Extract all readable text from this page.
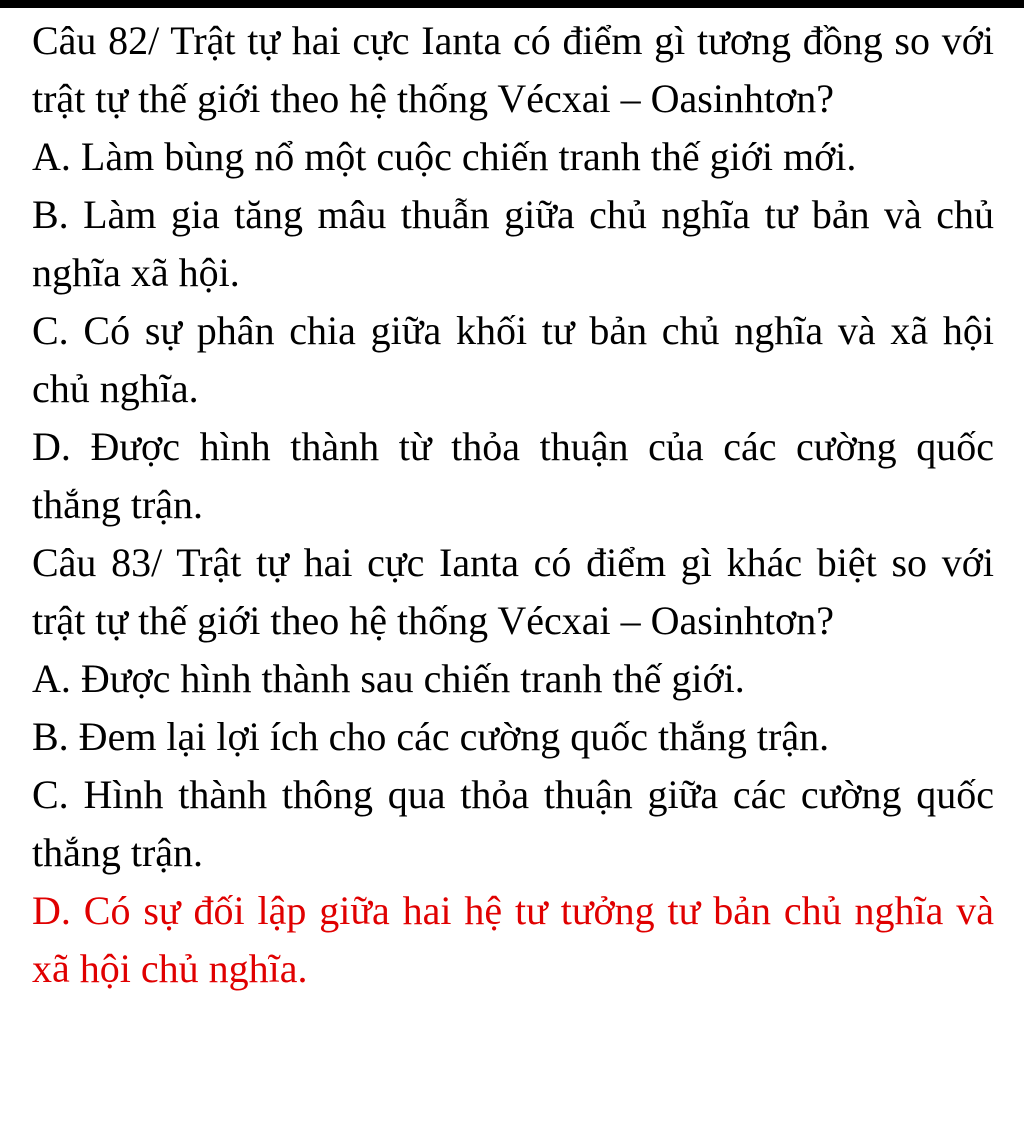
Câu 82/ Trật tự hai cực Ianta có điểm gì tương đồng so với trật tự thế giới theo hệ thống Vécxai – Oasinhtơn?

A. Làm bùng nổ một cuộc chiến tranh thế giới mới.

B. Làm gia tăng mâu thuẫn giữa chủ nghĩa tư bản và chủ nghĩa xã hội.

C. Có sự phân chia giữa khối tư bản chủ nghĩa và xã hội chủ nghĩa.

D. Được hình thành từ thỏa thuận của các cường quốc thắng trận.

Câu 83/ Trật tự hai cực Ianta có điểm gì khác biệt so với trật tự thế giới theo hệ thống Vécxai – Oasinhtơn?

A. Được hình thành sau chiến tranh thế giới.

B. Đem lại lợi ích cho các cường quốc thắng trận.

C. Hình thành thông qua thỏa thuận giữa các cường quốc thắng trận.

D. Có sự đối lập giữa hai hệ tư tưởng tư bản chủ nghĩa và xã hội chủ nghĩa.
